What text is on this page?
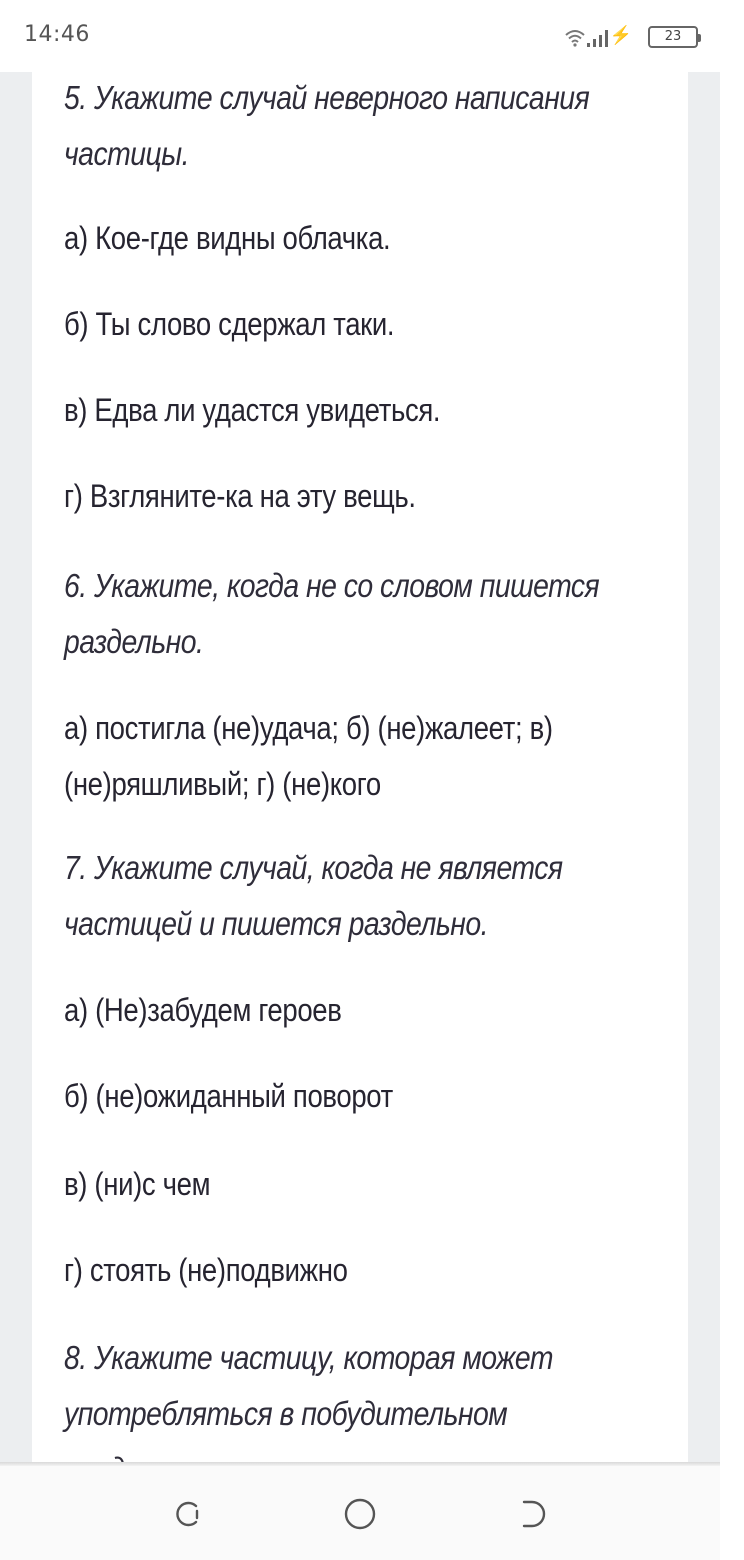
14:46	⚡	23

5. Укажите случай неверного написания

частицы.

а) Кое-где видны облачка.

б) Ты слово сдержал таки.

в) Едва ли удастся увидеться.

г) Взгляните-ка на эту вещь.

6. Укажите, когда не со словом пишется

раздельно.

а) постигла (не)удача; б) (не)жалеет; в)

(не)ряшливый; г) (не)кого

7. Укажите случай, когда не является

частицей и пишется раздельно.

а) (Не)забудем героев

б) (не)ожиданный поворот

в) (ни)с чем

г) стоять (не)подвижно

8. Укажите частицу, которая может

употребляться в побудительном
